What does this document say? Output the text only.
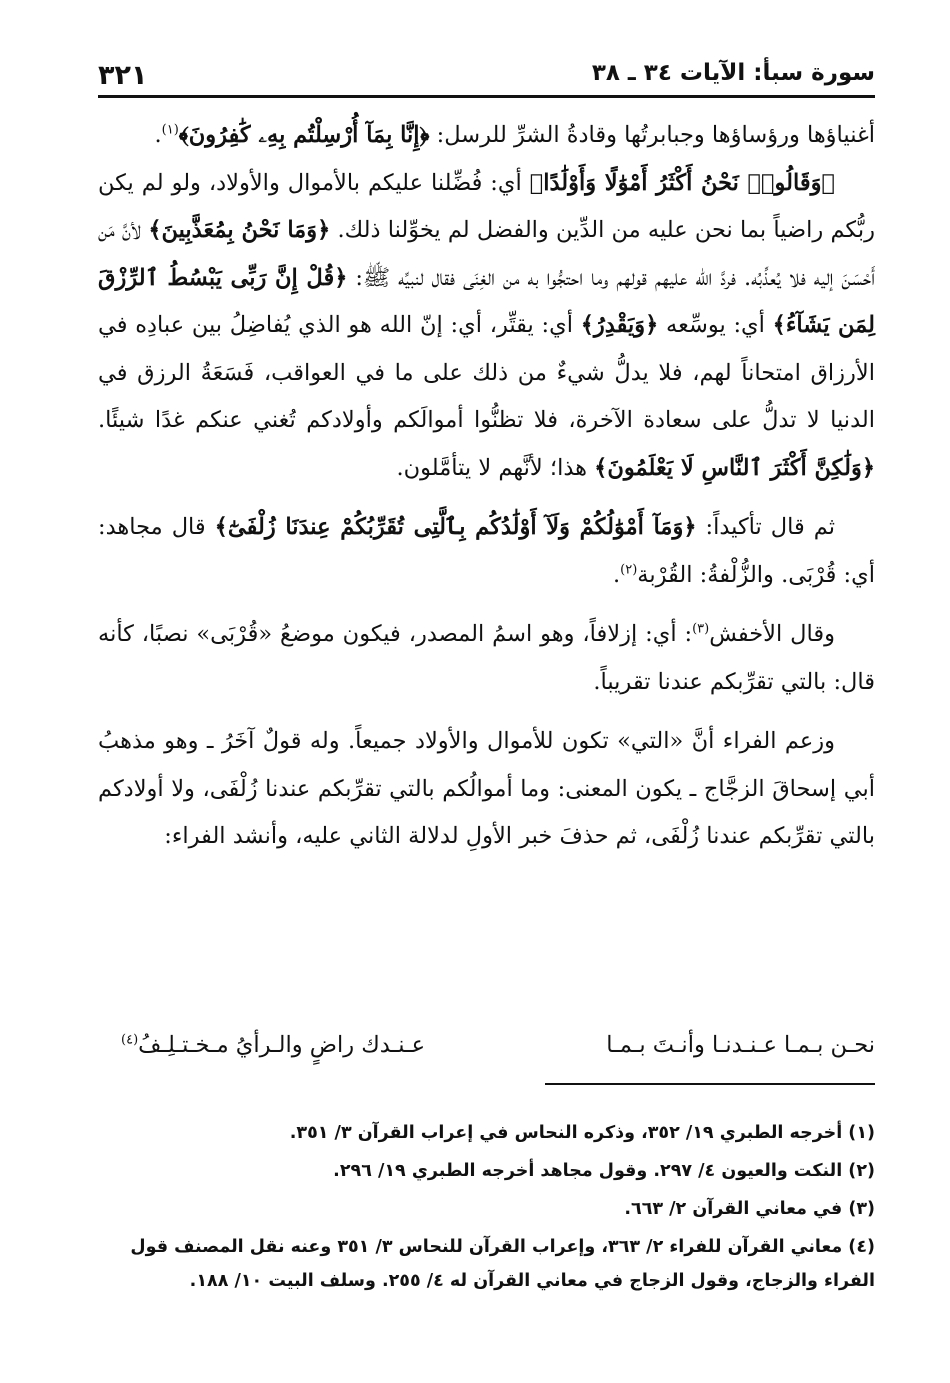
سورة سبأ: الآيات ٣٤ ـ ٣٨
٣٢١

أغنياؤها ورؤساؤها وجبابرتُها وقادةُ الشرِّ للرسل: ﴿إِنَّا بِمَآ أُرْسِلْتُم بِهِۦ كَٰفِرُونَ﴾$^{(١)}$.

﴿وَقَالُوا۟ نَحْنُ أَكْثَرُ أَمْوَٰلًا وَأَوْلَٰدًا﴾ أي: فُضِّلنا عليكم بالأموال والأولاد، ولو لم يكن ربُّكم راضياً بما نحن عليه من الدِّين والفضل لم يخوِّلنا ذلك. ﴿وَمَا نَحْنُ بِمُعَذَّبِينَ﴾ لأنَّ مَن أَحْسَنَ إليه فلا يُعذِّبُه. فردَّ الله عليهم قولهم وما احتجُّوا به من الغِنَى فقال لنبيِّه ﷺ: ﴿قُلْ إِنَّ رَبِّى يَبْسُطُ ٱلرِّزْقَ لِمَن يَشَآءُ﴾ أي: يوسِّعه ﴿وَيَقْدِرُ﴾ أي: يقتِّر، أي: إنّ الله هو الذي يُفاضِلُ بين عبادِه في الأرزاق امتحاناً لهم، فلا يدلُّ شيءٌ من ذلك على ما في العواقب، فَسَعَةُ الرزق في الدنيا لا تدلُّ على سعادة الآخرة، فلا تظنُّوا أموالَكم وأولادكم تُغني عنكم غدًا شيئًا. ﴿وَلَٰكِنَّ أَكْثَرَ ٱلنَّاسِ لَا يَعْلَمُونَ﴾ هذا؛ لأنَّهم لا يتأمَّلون.

ثم قال تأكيداً: ﴿وَمَآ أَمْوَٰلُكُمْ وَلَآ أَوْلَٰدُكُم بِٱلَّتِى تُقَرِّبُكُمْ عِندَنَا زُلْفَىٰٓ﴾ قال مجاهد: أي: قُرْبَى. والزُّلْفةُ: القُرْبة$^{(٢)}$.

وقال الأخفش$^{(٣)}$: أي: إزلافاً، وهو اسمُ المصدر، فيكون موضعُ «قُرْبَى» نصبًا، كأنه قال: بالتي تقرِّبكم عندنا تقريباً.

وزعم الفراء أنَّ «التي» تكون للأموال والأولاد جميعاً. وله قولٌ آخَرُ ـ وهو مذهبُ أبي إسحاقَ الزجَّاج ـ يكون المعنى: وما أموالُكم بالتي تقرِّبكم عندنا زُلْفَى، ولا أولادكم بالتي تقرِّبكم عندنا زُلْفَى، ثم حذفَ خبر الأولِ لدلالة الثاني عليه، وأنشد الفراء:

نحـن بـمـا عـنـدنـا وأنـتَ بـمـا
عـنـدك راضٍ والـرأيُ مـخـتـلِـفُ$^{(٤)}$

(١) أخرجه الطبري ١٩/ ٣٥٢، وذكره النحاس في إعراب القرآن ٣/ ٣٥١.

(٢) النكت والعيون ٤/ ٢٩٧. وقول مجاهد أخرجه الطبري ١٩/ ٢٩٦.

(٣) في معاني القرآن ٢/ ٦٦٣.

(٤) معاني القرآن للفراء ٢/ ٣٦٣، وإعراب القرآن للنحاس ٣/ ٣٥١ وعنه نقل المصنف قول الفراء والزجاج، وقول الزجاج في معاني القرآن له ٤/ ٢٥٥. وسلف البيت ١٠/ ١٨٨.
